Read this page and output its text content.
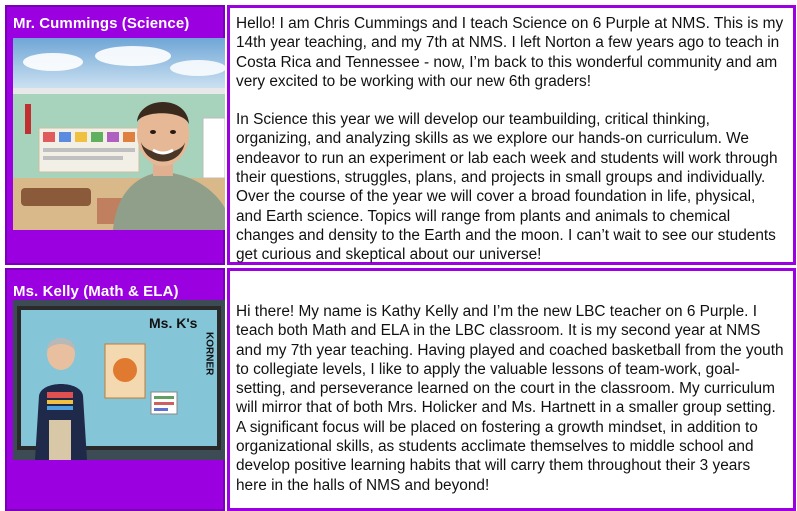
Mr. Cummings (Science)	Hello! I am Chris Cummings and I teach Science on 6 Purple at NMS. This is my 14th year teaching, and my 7th at NMS. I left Norton a few years ago to teach in Costa Rica and Tennessee - now, I’m back to this wonderful community and am very excited to be working with our new 6th graders!

In Science this year we will develop our teambuilding, critical thinking, organizing, and analyzing skills as we explore our hands-on curriculum. We endeavor to run an experiment or lab each week and students will work through their questions, struggles, plans, and projects in small groups and individually. Over the course of the year we will cover a broad foundation in life, physical, and Earth science. Topics will range from plants and animals to chemical changes and density to the Earth and the moon. I can’t wait to see our students get curious and skeptical about our universe!

Ms. Kelly (Math & ELA)
Ms. K's
KORNER

Hi there! My name is Kathy Kelly and I’m the new LBC teacher on 6 Purple. I teach both Math and ELA in the LBC classroom. It is my second year at NMS and my 7th year teaching. Having played and coached basketball from the youth to collegiate levels, I like to apply the valuable lessons of team-work, goal-setting, and perseverance learned on the court in the classroom. My curriculum will mirror that of both Mrs. Holicker and Ms. Hartnett in a smaller group setting. A significant focus will be placed on fostering a growth mindset, in addition to organizational skills, as students acclimate themselves to middle school and develop positive learning habits that will carry them throughout their 3 years here in the halls of NMS and beyond!
